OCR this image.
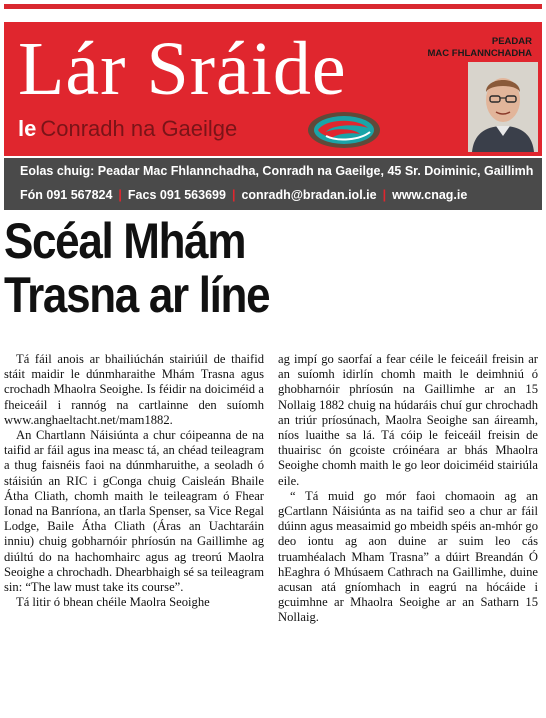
Lár Sráide
le Conradh na Gaeilge
PEADAR
MAC FHLANNCHADHA
Eolas chuig: Peadar Mac Fhlannchadha, Conradh na Gaeilge, 45 Sr. Doiminic, Gaillimh
Fón 091 567824 | Facs 091 563699 | conradh@bradan.iol.ie | www.cnag.ie
Scéal Mhám
Trasna ar líne

Tá fáil anois ar bhailiúchán stairiúil de thaifid stáit maidir le dúnmharaithe Mhám Trasna agus crochadh Mhaolra Seoighe. Is féidir na doiciméid a fheiceáil i rannóg na cartlainne den suíomh www.anghaeltacht.net/mam1882.

An Chartlann Náisiúnta a chur cóipeanna de na taifid ar fáil agus ina measc tá, an chéad teileagram a thug faisnéis faoi na dúnmharuithe, a seoladh ó stáisiún an RIC i gConga chuig Caisleán Bhaile Átha Cliath, chomh maith le teileagram ó Fhear Ionad na Banríona, an tIarla Spenser, sa Vice Regal Lodge, Baile Átha Cliath (Áras an Uachtaráin inniu) chuig gobharnóir phríosún na Gaillimhe ag diúltú do na hachomhairc agus ag treorú Maolra Seoighe a chrochadh. Dhearbhaigh sé sa teileagram sin: “The law must take its course”.

Tá litir ó bhean chéile Maolra Seoighe

ag impí go saorfaí a fear céile le feiceáil freisin ar an suíomh idirlín chomh maith le deimhniú ó ghobharnóir phríosún na Gaillimhe ar an 15 Nollaig 1882 chuig na húdaráis chuí gur chrochadh an triúr príosúnach, Maolra Seoighe san áireamh, níos luaithe sa lá. Tá cóip le feiceáil freisin de thuairisc ón gcoiste cróinéara ar bhás Mhaolra Seoighe chomh maith le go leor doiciméid stairiúla eile.

“ Tá muid go mór faoi chomaoin ag an gCartlann Náisiúnta as na taifid seo a chur ar fáil dúinn agus measaimid go mbeidh spéis an-mhór go deo iontu ag aon duine ar suim leo cás truamhéalach Mham Trasna” a dúirt Breandán Ó hEaghra ó Mhúsaem Cathrach na Gaillimhe, duine acusan atá gníomhach in eagrú na hócáide i gcuimhne ar Mhaolra Seoighe ar an Satharn 15 Nollaig.
